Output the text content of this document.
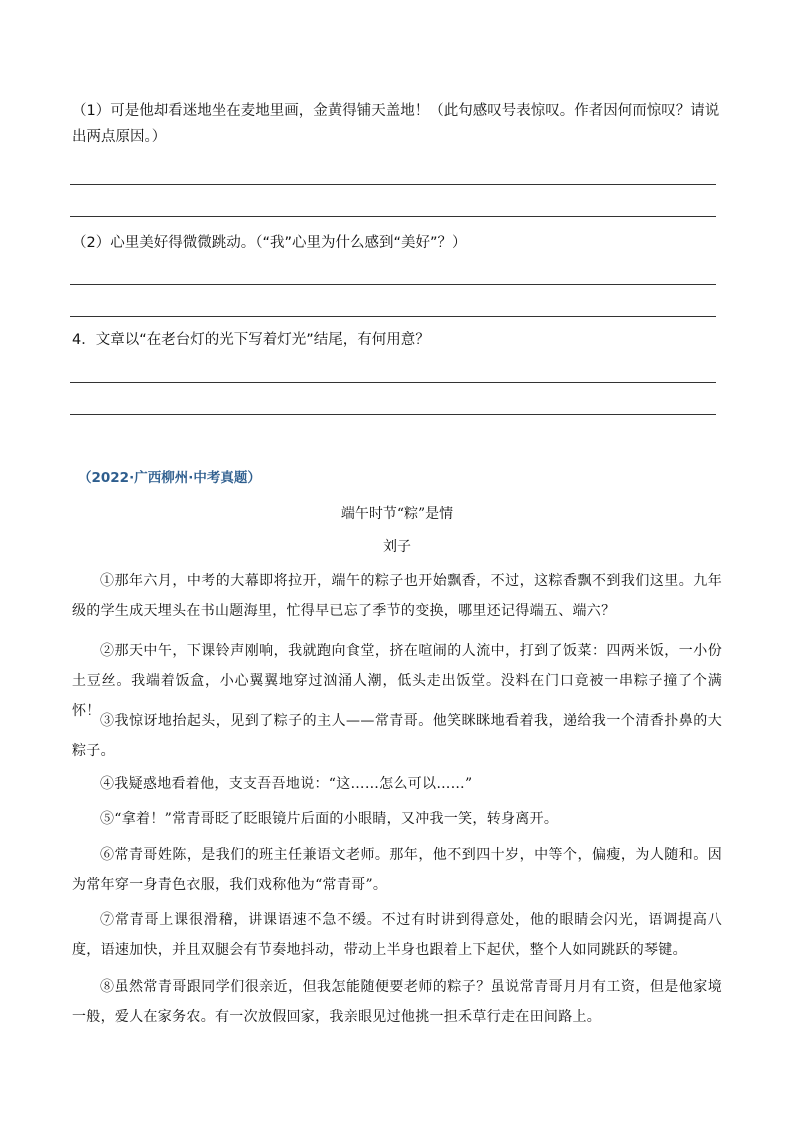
（1）可是他却看迷地坐在麦地里画，金黄得铺天盖地！（此句感叹号表惊叹。作者因何而惊叹？请说出两点原因。）
（2）心里美好得微微跳动。（“我”心里为什么感到“美好”？）
4．文章以“在老台灯的光下写着灯光”结尾，有何用意？
（2022·广西柳州·中考真题）
端午时节“粽”是情
刘子
①那年六月，中考的大幕即将拉开，端午的粽子也开始飘香，不过，这粽香飘不到我们这里。九年级的学生成天埋头在书山题海里，忙得早已忘了季节的变换，哪里还记得端五、端六？
②那天中午，下课铃声刚响，我就跑向食堂，挤在喧闹的人流中，打到了饭菜：四两米饭，一小份土豆丝。我端着饭盒，小心翼翼地穿过汹涌人潮，低头走出饭堂。没料在门口竟被一串粽子撞了个满怀！
③我惊讶地抬起头，见到了粽子的主人——常青哥。他笑眯眯地看着我，递给我一个清香扑鼻的大粽子。
④我疑惑地看着他，支支吾吾地说：“这……怎么可以……”
⑤“拿着！”常青哥眨了眨眼镜片后面的小眼睛，又冲我一笑，转身离开。
⑥常青哥姓陈，是我们的班主任兼语文老师。那年，他不到四十岁，中等个，偏瘦，为人随和。因为常年穿一身青色衣服，我们戏称他为“常青哥”。
⑦常青哥上课很滑稽，讲课语速不急不缓。不过有时讲到得意处，他的眼睛会闪光，语调提高八度，语速加快，并且双腿会有节奏地抖动，带动上半身也跟着上下起伏，整个人如同跳跃的琴键。
⑧虽然常青哥跟同学们很亲近，但我怎能随便要老师的粽子？虽说常青哥月月有工资，但是他家境一般，爱人在家务农。有一次放假回家，我亲眼见过他挑一担禾草行走在田间路上。
